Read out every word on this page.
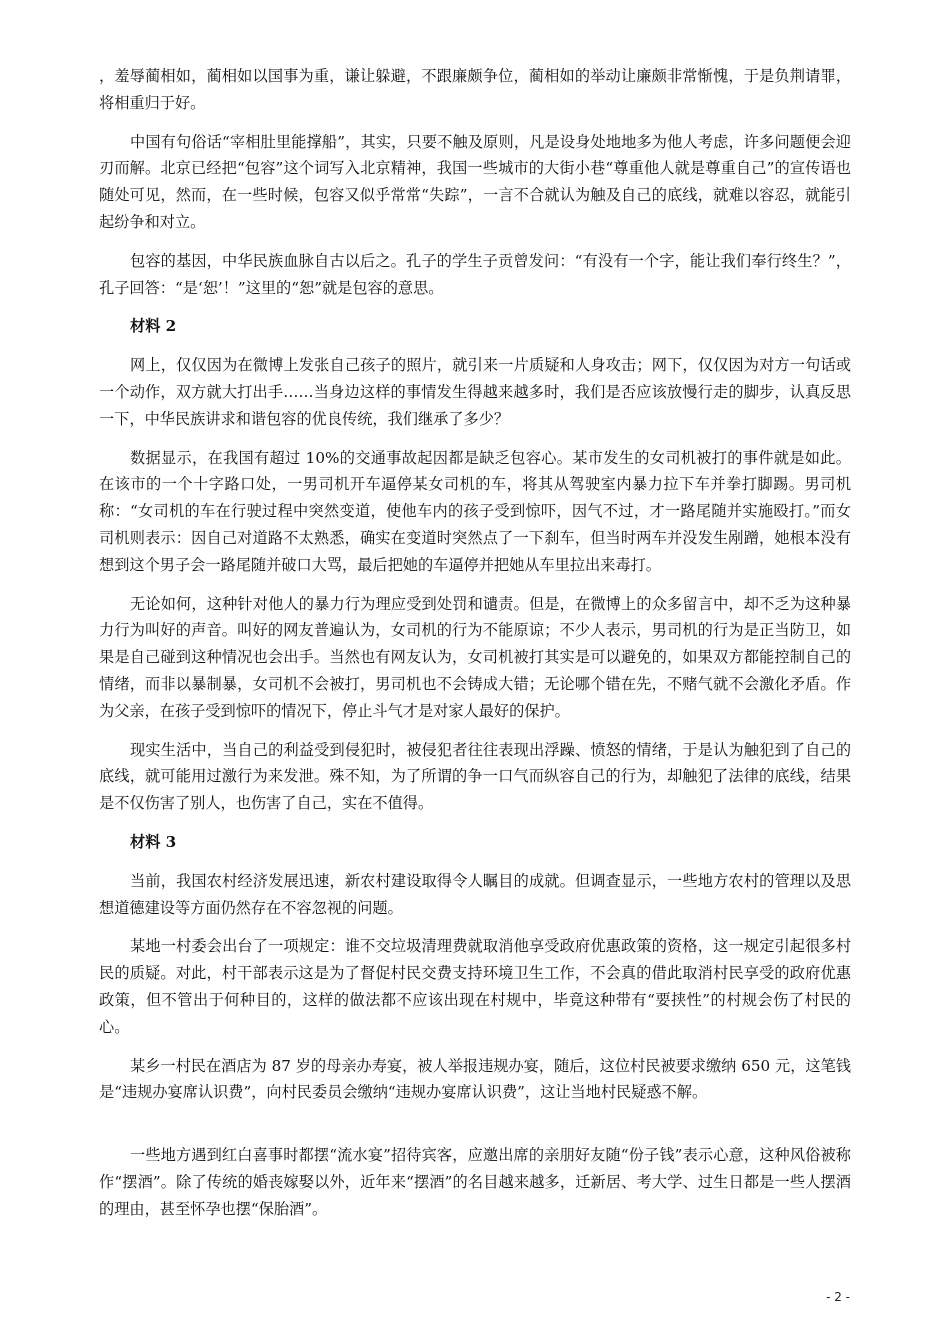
，羞辱蔺相如，蔺相如以国事为重，谦让躲避，不跟廉颇争位，蔺相如的举动让廉颇非常惭愧，于是负荆请罪，将相重归于好。

中国有句俗话“宰相肚里能撑船”，其实，只要不触及原则，凡是设身处地地多为他人考虑，许多问题便会迎刃而解。北京已经把“包容”这个词写入北京精神，我国一些城市的大街小巷“尊重他人就是尊重自己”的宣传语也随处可见，然而，在一些时候，包容又似乎常常“失踪”，一言不合就认为触及自己的底线，就难以容忍，就能引起纷争和对立。

包容的基因，中华民族血脉自古以后之。孔子的学生子贡曾发问：“有没有一个字，能让我们奉行终生？”，孔子回答：“是‘恕’！”这里的“恕”就是包容的意思。

材料 2

网上，仅仅因为在微博上发张自己孩子的照片，就引来一片质疑和人身攻击；网下，仅仅因为对方一句话或一个动作，双方就大打出手……当身边这样的事情发生得越来越多时，我们是否应该放慢行走的脚步，认真反思一下，中华民族讲求和谐包容的优良传统，我们继承了多少？

数据显示，在我国有超过 10%的交通事故起因都是缺乏包容心。某市发生的女司机被打的事件就是如此。在该市的一个十字路口处，一男司机开车逼停某女司机的车，将其从驾驶室内暴力拉下车并拳打脚踢。男司机称：“女司机的车在行驶过程中突然变道，使他车内的孩子受到惊吓，因气不过，才一路尾随并实施殴打。”而女司机则表示：因自己对道路不太熟悉，确实在变道时突然点了一下刹车，但当时两车并没发生剐蹭，她根本没有想到这个男子会一路尾随并破口大骂，最后把她的车逼停并把她从车里拉出来毒打。

无论如何，这种针对他人的暴力行为理应受到处罚和谴责。但是，在微博上的众多留言中，却不乏为这种暴力行为叫好的声音。叫好的网友普遍认为，女司机的行为不能原谅；不少人表示，男司机的行为是正当防卫，如果是自己碰到这种情况也会出手。当然也有网友认为，女司机被打其实是可以避免的，如果双方都能控制自己的情绪，而非以暴制暴，女司机不会被打，男司机也不会铸成大错；无论哪个错在先，不赌气就不会激化矛盾。作为父亲，在孩子受到惊吓的情况下，停止斗气才是对家人最好的保护。

现实生活中，当自己的利益受到侵犯时，被侵犯者往往表现出浮躁、愤怒的情绪，于是认为触犯到了自己的底线，就可能用过激行为来发泄。殊不知，为了所谓的争一口气而纵容自己的行为，却触犯了法律的底线，结果是不仅伤害了别人，也伤害了自己，实在不值得。

材料 3

当前，我国农村经济发展迅速，新农村建设取得令人瞩目的成就。但调查显示，一些地方农村的管理以及思想道德建设等方面仍然存在不容忽视的问题。

某地一村委会出台了一项规定：谁不交垃圾清理费就取消他享受政府优惠政策的资格，这一规定引起很多村民的质疑。对此，村干部表示这是为了督促村民交费支持环境卫生工作，不会真的借此取消村民享受的政府优惠政策，但不管出于何种目的，这样的做法都不应该出现在村规中，毕竟这种带有“要挟性”的村规会伤了村民的心。

某乡一村民在酒店为 87 岁的母亲办寿宴，被人举报违规办宴，随后，这位村民被要求缴纳 650 元，这笔钱是“违规办宴席认识费”，向村民委员会缴纳“违规办宴席认识费”，这让当地村民疑惑不解。

一些地方遇到红白喜事时都摆“流水宴”招待宾客，应邀出席的亲朋好友随“份子钱”表示心意，这种风俗被称作“摆酒”。除了传统的婚丧嫁娶以外，近年来“摆酒”的名目越来越多，迁新居、考大学、过生日都是一些人摆酒的理由，甚至怀孕也摆“保胎酒”。

- 2 -
